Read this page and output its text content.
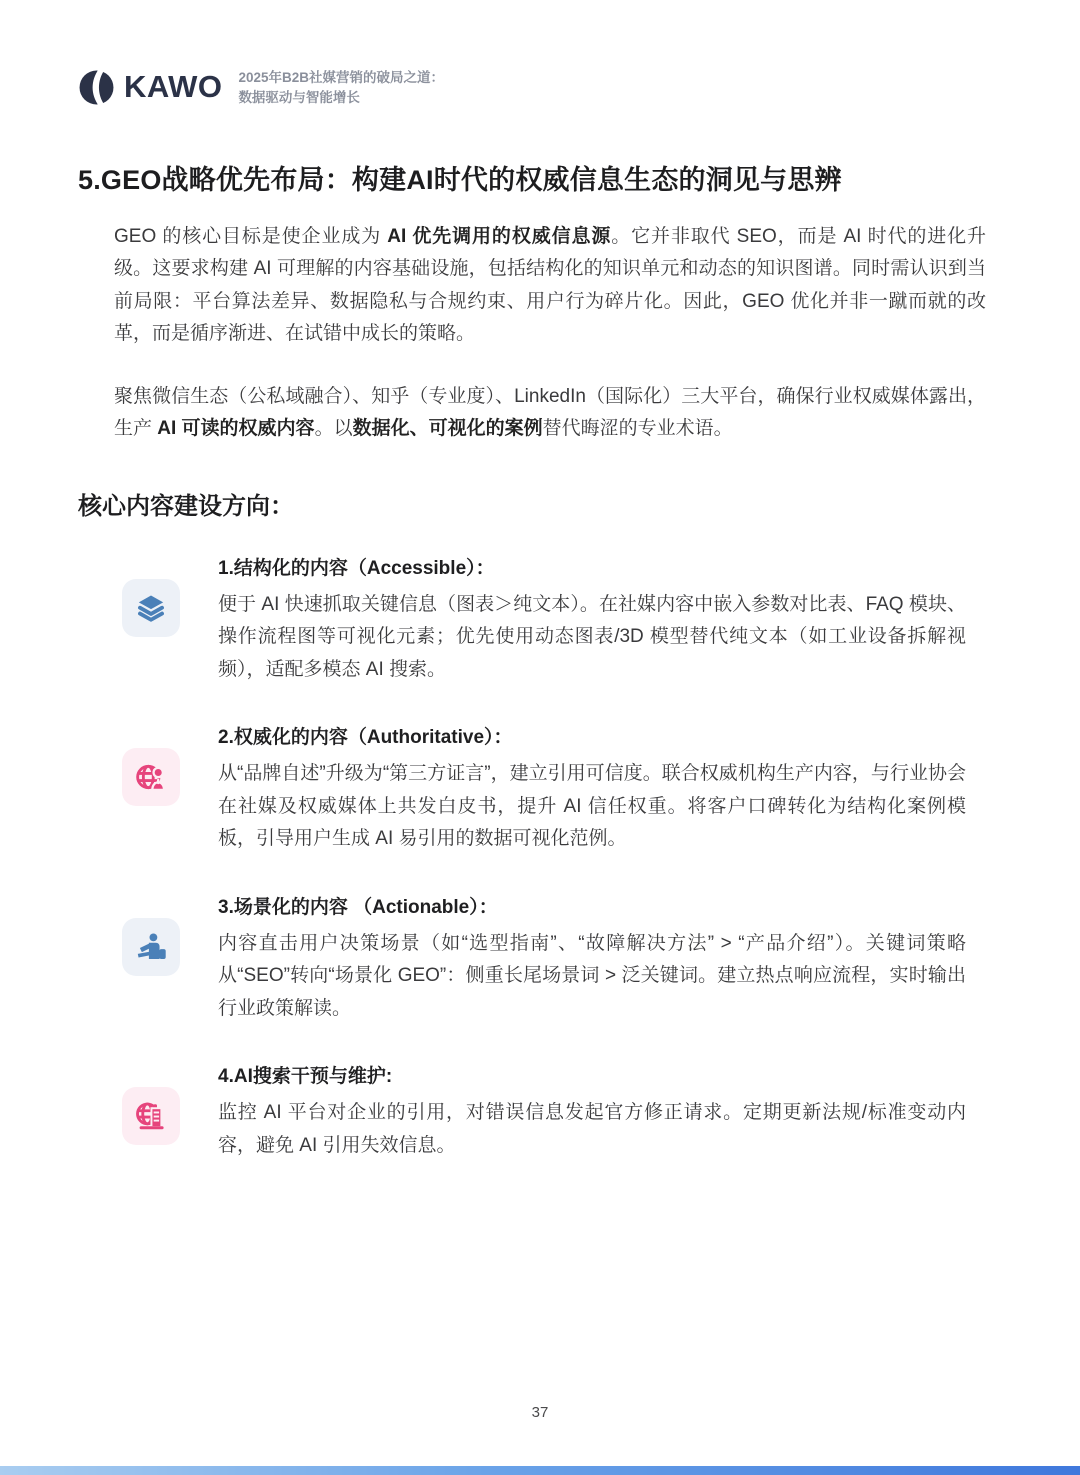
KAWO 2025年B2B社媒营销的破局之道：
数据驱动与智能增长
5.GEO战略优先布局：构建AI时代的权威信息生态的洞见与思辨
GEO 的核心目标是使企业成为 AI 优先调用的权威信息源。它并非取代 SEO，而是 AI 时代的进化升级。这要求构建 AI 可理解的内容基础设施，包括结构化的知识单元和动态的知识图谱。同时需认识到当前局限：平台算法差异、数据隐私与合规约束、用户行为碎片化。因此，GEO 优化并非一蹴而就的改革，而是循序渐进、在试错中成长的策略。
聚焦微信生态（公私域融合）、知乎（专业度）、LinkedIn（国际化）三大平台，确保行业权威媒体露出，生产 AI 可读的权威内容。以数据化、可视化的案例替代晦涩的专业术语。
核心内容建设方向：
1.结构化的内容（Accessible）：
便于 AI 快速抓取关键信息（图表＞纯文本）。在社媒内容中嵌入参数对比表、FAQ 模块、操作流程图等可视化元素；优先使用动态图表/3D 模型替代纯文本（如工业设备拆解视频），适配多模态 AI 搜索。
2.权威化的内容（Authoritative）：
从“品牌自述”升级为“第三方证言”，建立引用可信度。联合权威机构生产内容，与行业协会在社媒及权威媒体上共发白皮书，提升 AI 信任权重。将客户口碑转化为结构化案例模板，引导用户生成 AI 易引用的数据可视化范例。
3.场景化的内容 （Actionable）：
内容直击用户决策场景（如“选型指南”、“故障解决方法” > “产品介绍”）。关键词策略从“SEO”转向“场景化 GEO”：侧重长尾场景词 > 泛关键词。建立热点响应流程，实时输出行业政策解读。
4.AI搜索干预与维护:
监控 AI 平台对企业的引用，对错误信息发起官方修正请求。定期更新法规/标准变动内容，避免 AI 引用失效信息。
37
